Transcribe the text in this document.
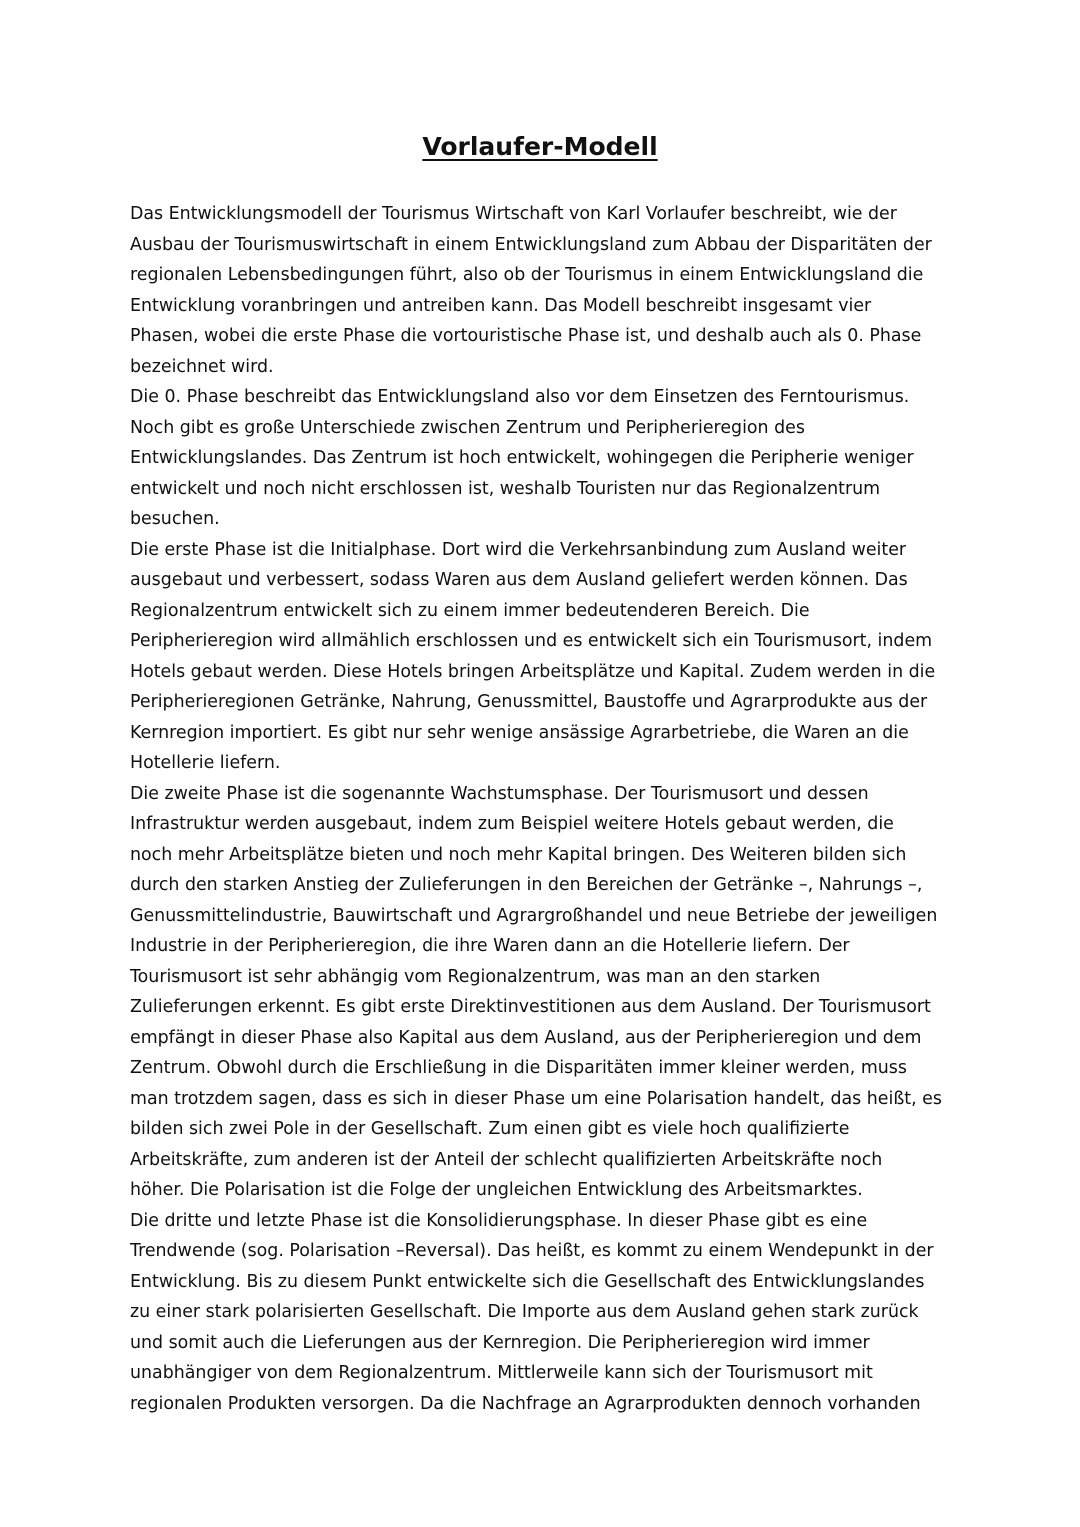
Vorlaufer-Modell
Das Entwicklungsmodell der Tourismus Wirtschaft von Karl Vorlaufer beschreibt, wie der
Ausbau der Tourismuswirtschaft in einem Entwicklungsland zum Abbau der Disparitäten der
regionalen Lebensbedingungen führt, also ob der Tourismus in einem Entwicklungsland die
Entwicklung voranbringen und antreiben kann. Das Modell beschreibt insgesamt vier
Phasen, wobei die erste Phase die vortouristische Phase ist, und deshalb auch als 0. Phase
bezeichnet wird.
Die 0. Phase beschreibt das Entwicklungsland also vor dem Einsetzen des Ferntourismus.
Noch gibt es große Unterschiede zwischen Zentrum und Peripherieregion des
Entwicklungslandes. Das Zentrum ist hoch entwickelt, wohingegen die Peripherie weniger
entwickelt und noch nicht erschlossen ist, weshalb Touristen nur das Regionalzentrum
besuchen.
Die erste Phase ist die Initialphase. Dort wird die Verkehrsanbindung zum Ausland weiter
ausgebaut und verbessert, sodass Waren aus dem Ausland geliefert werden können. Das
Regionalzentrum entwickelt sich zu einem immer bedeutenderen Bereich. Die
Peripherieregion wird allmählich erschlossen und es entwickelt sich ein Tourismusort, indem
Hotels gebaut werden. Diese Hotels bringen Arbeitsplätze und Kapital. Zudem werden in die
Peripherieregionen Getränke, Nahrung, Genussmittel, Baustoffe und Agrarprodukte aus der
Kernregion importiert. Es gibt nur sehr wenige ansässige Agrarbetriebe, die Waren an die
Hotellerie liefern.
Die zweite Phase ist die sogenannte Wachstumsphase. Der Tourismusort und dessen
Infrastruktur werden ausgebaut, indem zum Beispiel weitere Hotels gebaut werden, die
noch mehr Arbeitsplätze bieten und noch mehr Kapital bringen. Des Weiteren bilden sich
durch den starken Anstieg der Zulieferungen in den Bereichen der Getränke –, Nahrungs –,
Genussmittelindustrie, Bauwirtschaft und Agrargroßhandel und neue Betriebe der jeweiligen
Industrie in der Peripherieregion, die ihre Waren dann an die Hotellerie liefern. Der
Tourismusort ist sehr abhängig vom Regionalzentrum, was man an den starken
Zulieferungen erkennt. Es gibt erste Direktinvestitionen aus dem Ausland. Der Tourismusort
empfängt in dieser Phase also Kapital aus dem Ausland, aus der Peripherieregion und dem
Zentrum. Obwohl durch die Erschließung in die Disparitäten immer kleiner werden, muss
man trotzdem sagen, dass es sich in dieser Phase um eine Polarisation handelt, das heißt, es
bilden sich zwei Pole in der Gesellschaft. Zum einen gibt es viele hoch qualifizierte
Arbeitskräfte, zum anderen ist der Anteil der schlecht qualifizierten Arbeitskräfte noch
höher. Die Polarisation ist die Folge der ungleichen Entwicklung des Arbeitsmarktes.
Die dritte und letzte Phase ist die Konsolidierungsphase. In dieser Phase gibt es eine
Trendwende (sog. Polarisation –Reversal). Das heißt, es kommt zu einem Wendepunkt in der
Entwicklung. Bis zu diesem Punkt entwickelte sich die Gesellschaft des Entwicklungslandes
zu einer stark polarisierten Gesellschaft. Die Importe aus dem Ausland gehen stark zurück
und somit auch die Lieferungen aus der Kernregion. Die Peripherieregion wird immer
unabhängiger von dem Regionalzentrum. Mittlerweile kann sich der Tourismusort mit
regionalen Produkten versorgen. Da die Nachfrage an Agrarprodukten dennoch vorhanden
